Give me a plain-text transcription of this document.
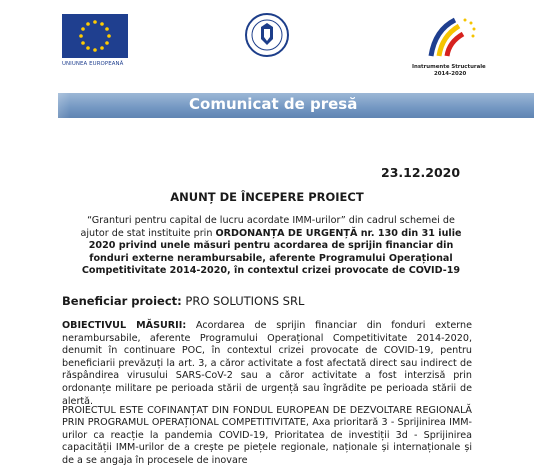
UNIUNEA EUROPEANĂ	Instrumente Structurale
2014-2020
Comunicat de presă
23.12.2020
ANUNȚ DE ÎNCEPERE PROIECT
“Granturi pentru capital de lucru acordate IMM-urilor” din cadrul schemei de ajutor de stat instituite prin ORDONANȚA DE URGENȚĂ nr. 130 din 31 iulie 2020 privind unele măsuri pentru acordarea de sprijin financiar din fonduri externe nerambursabile, aferente Programului Operațional Competitivitate 2014-2020, în contextul crizei provocate de COVID-19
Beneficiar proiect: PRO SOLUTIONS SRL
OBIECTIVUL MĂSURII: Acordarea de sprijin financiar din fonduri externe nerambursabile, aferente Programului Operațional Competitivitate 2014-2020, denumit în continuare POC, în contextul crizei provocate de COVID-19, pentru beneficiarii prevăzuți la art. 3, a căror activitate a fost afectată direct sau indirect de răspândirea virusului SARS-CoV-2 sau a căror activitate a fost interzisă prin ordonanțe militare pe perioada stării de urgență sau îngrădite pe perioada stării de alertă.
PROIECTUL ESTE COFINANȚAT DIN FONDUL EUROPEAN DE DEZVOLTARE REGIONALĂ PRIN PROGRAMUL OPERAȚIONAL COMPETITIVITATE, Axa prioritară 3 - Sprijinirea IMM-urilor ca reacție la pandemia COVID-19, Prioritatea de investiții 3d - Sprijinirea capacității IMM-urilor de a crește pe piețele regionale, naționale și internaționale și de a se angaja în procesele de inovare
